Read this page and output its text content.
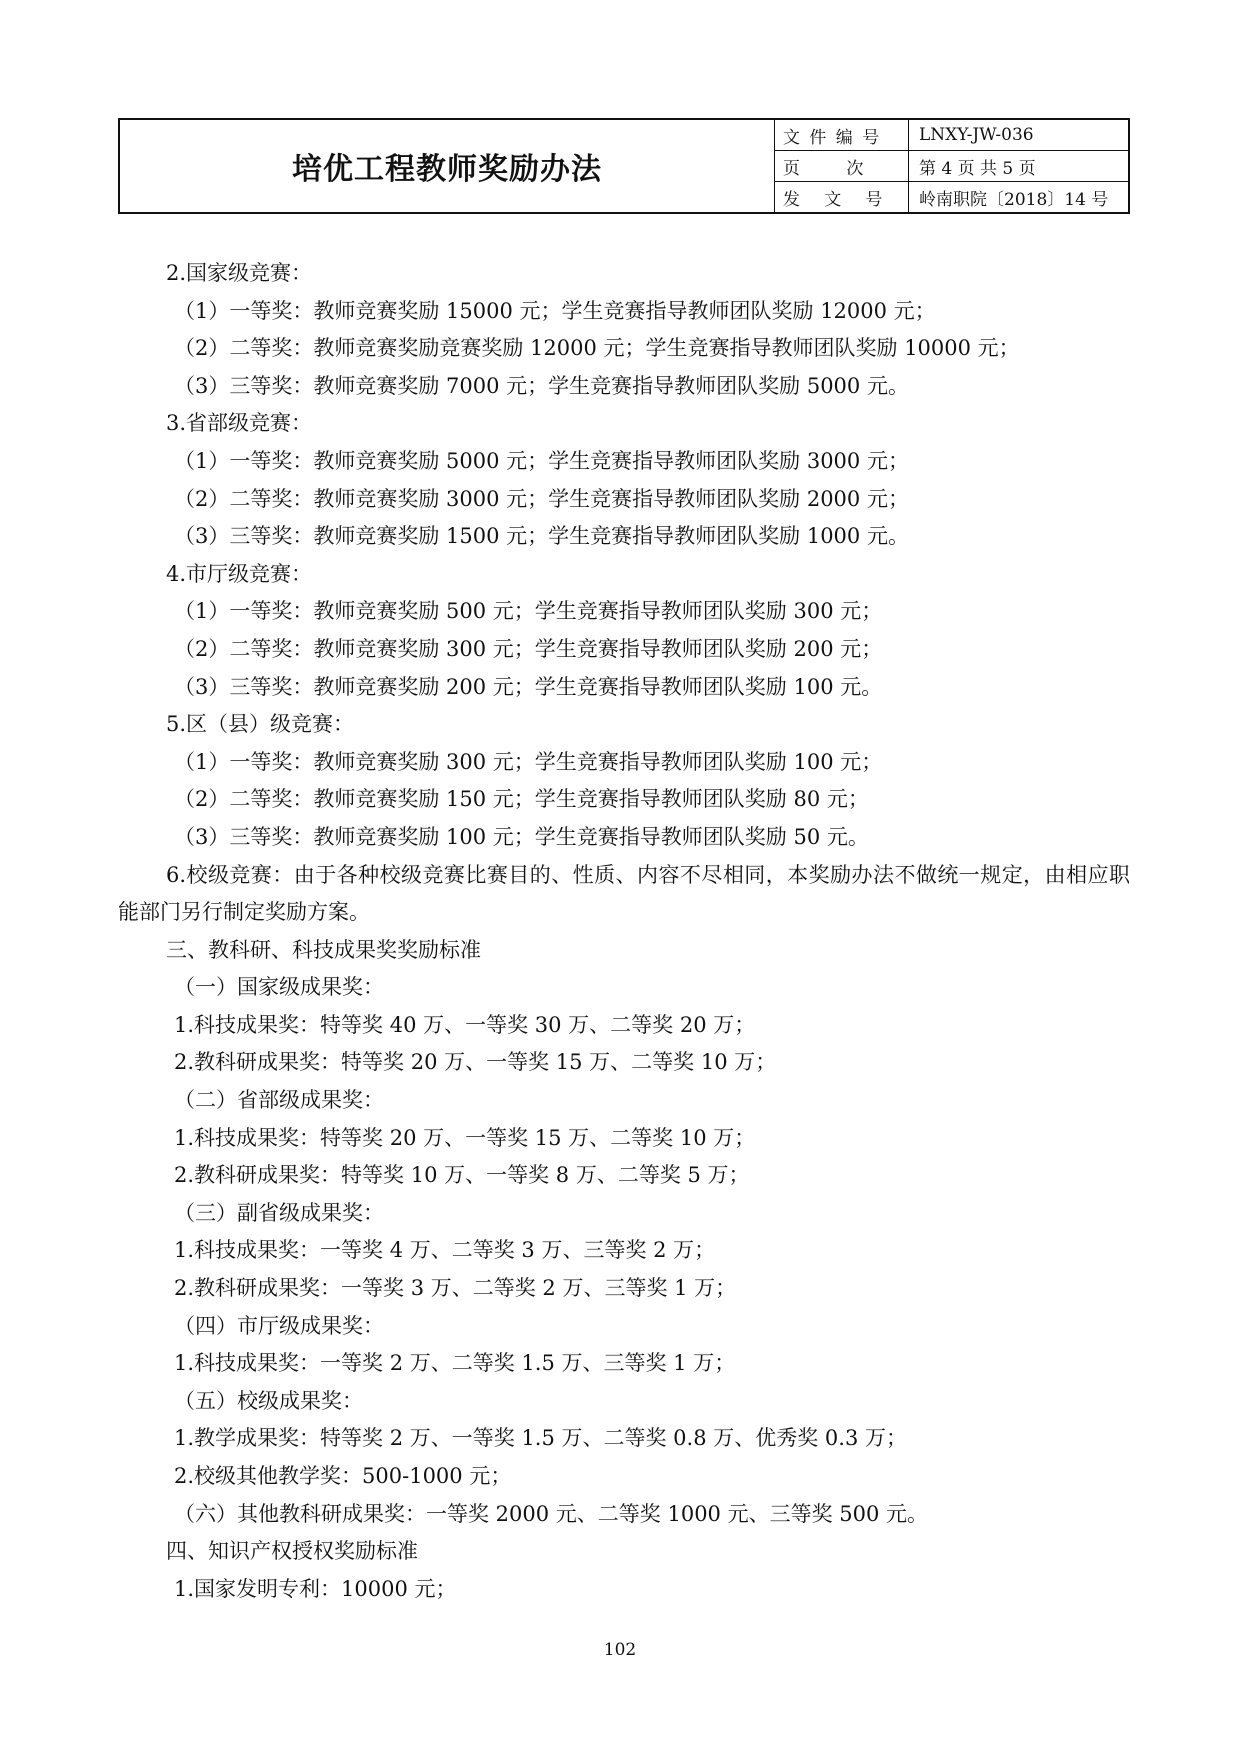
培优工程教师奖励办法
文 件 编 号	LNXY-JW-036
页      次	第 4 页 共 5 页
发   文   号	岭南职院〔2018〕14 号
2.国家级竞赛：
（1）一等奖：教师竞赛奖励 15000 元；学生竞赛指导教师团队奖励 12000 元；
（2）二等奖：教师竞赛奖励竞赛奖励 12000 元；学生竞赛指导教师团队奖励 10000 元；
（3）三等奖：教师竞赛奖励 7000 元；学生竞赛指导教师团队奖励 5000 元。
3.省部级竞赛：
（1）一等奖：教师竞赛奖励 5000 元；学生竞赛指导教师团队奖励 3000 元；
（2）二等奖：教师竞赛奖励 3000 元；学生竞赛指导教师团队奖励 2000 元；
（3）三等奖：教师竞赛奖励 1500 元；学生竞赛指导教师团队奖励 1000 元。
4.市厅级竞赛：
（1）一等奖：教师竞赛奖励 500 元；学生竞赛指导教师团队奖励 300 元；
（2）二等奖：教师竞赛奖励 300 元；学生竞赛指导教师团队奖励 200 元；
（3）三等奖：教师竞赛奖励 200 元；学生竞赛指导教师团队奖励 100 元。
5.区（县）级竞赛：
（1）一等奖：教师竞赛奖励 300 元；学生竞赛指导教师团队奖励 100 元；
（2）二等奖：教师竞赛奖励 150 元；学生竞赛指导教师团队奖励 80 元；
（3）三等奖：教师竞赛奖励 100 元；学生竞赛指导教师团队奖励 50 元。
6.校级竞赛：由于各种校级竞赛比赛目的、性质、内容不尽相同，本奖励办法不做统一规定，由相应职能部门另行制定奖励方案。
三、教科研、科技成果奖奖励标准
（一）国家级成果奖：
1.科技成果奖：特等奖 40 万、一等奖 30 万、二等奖 20 万；
2.教科研成果奖：特等奖 20 万、一等奖 15 万、二等奖 10 万；
（二）省部级成果奖：
1.科技成果奖：特等奖 20 万、一等奖 15 万、二等奖 10 万；
2.教科研成果奖：特等奖 10 万、一等奖 8 万、二等奖 5 万；
（三）副省级成果奖：
1.科技成果奖：一等奖 4 万、二等奖 3 万、三等奖 2 万；
2.教科研成果奖：一等奖 3 万、二等奖 2 万、三等奖 1 万；
（四）市厅级成果奖：
1.科技成果奖：一等奖 2 万、二等奖 1.5 万、三等奖 1 万；
（五）校级成果奖：
1.教学成果奖：特等奖 2 万、一等奖 1.5 万、二等奖 0.8 万、优秀奖 0.3 万；
2.校级其他教学奖：500-1000 元；
（六）其他教科研成果奖：一等奖 2000 元、二等奖 1000 元、三等奖 500 元。
四、知识产权授权奖励标准
1.国家发明专利：10000 元；
102
